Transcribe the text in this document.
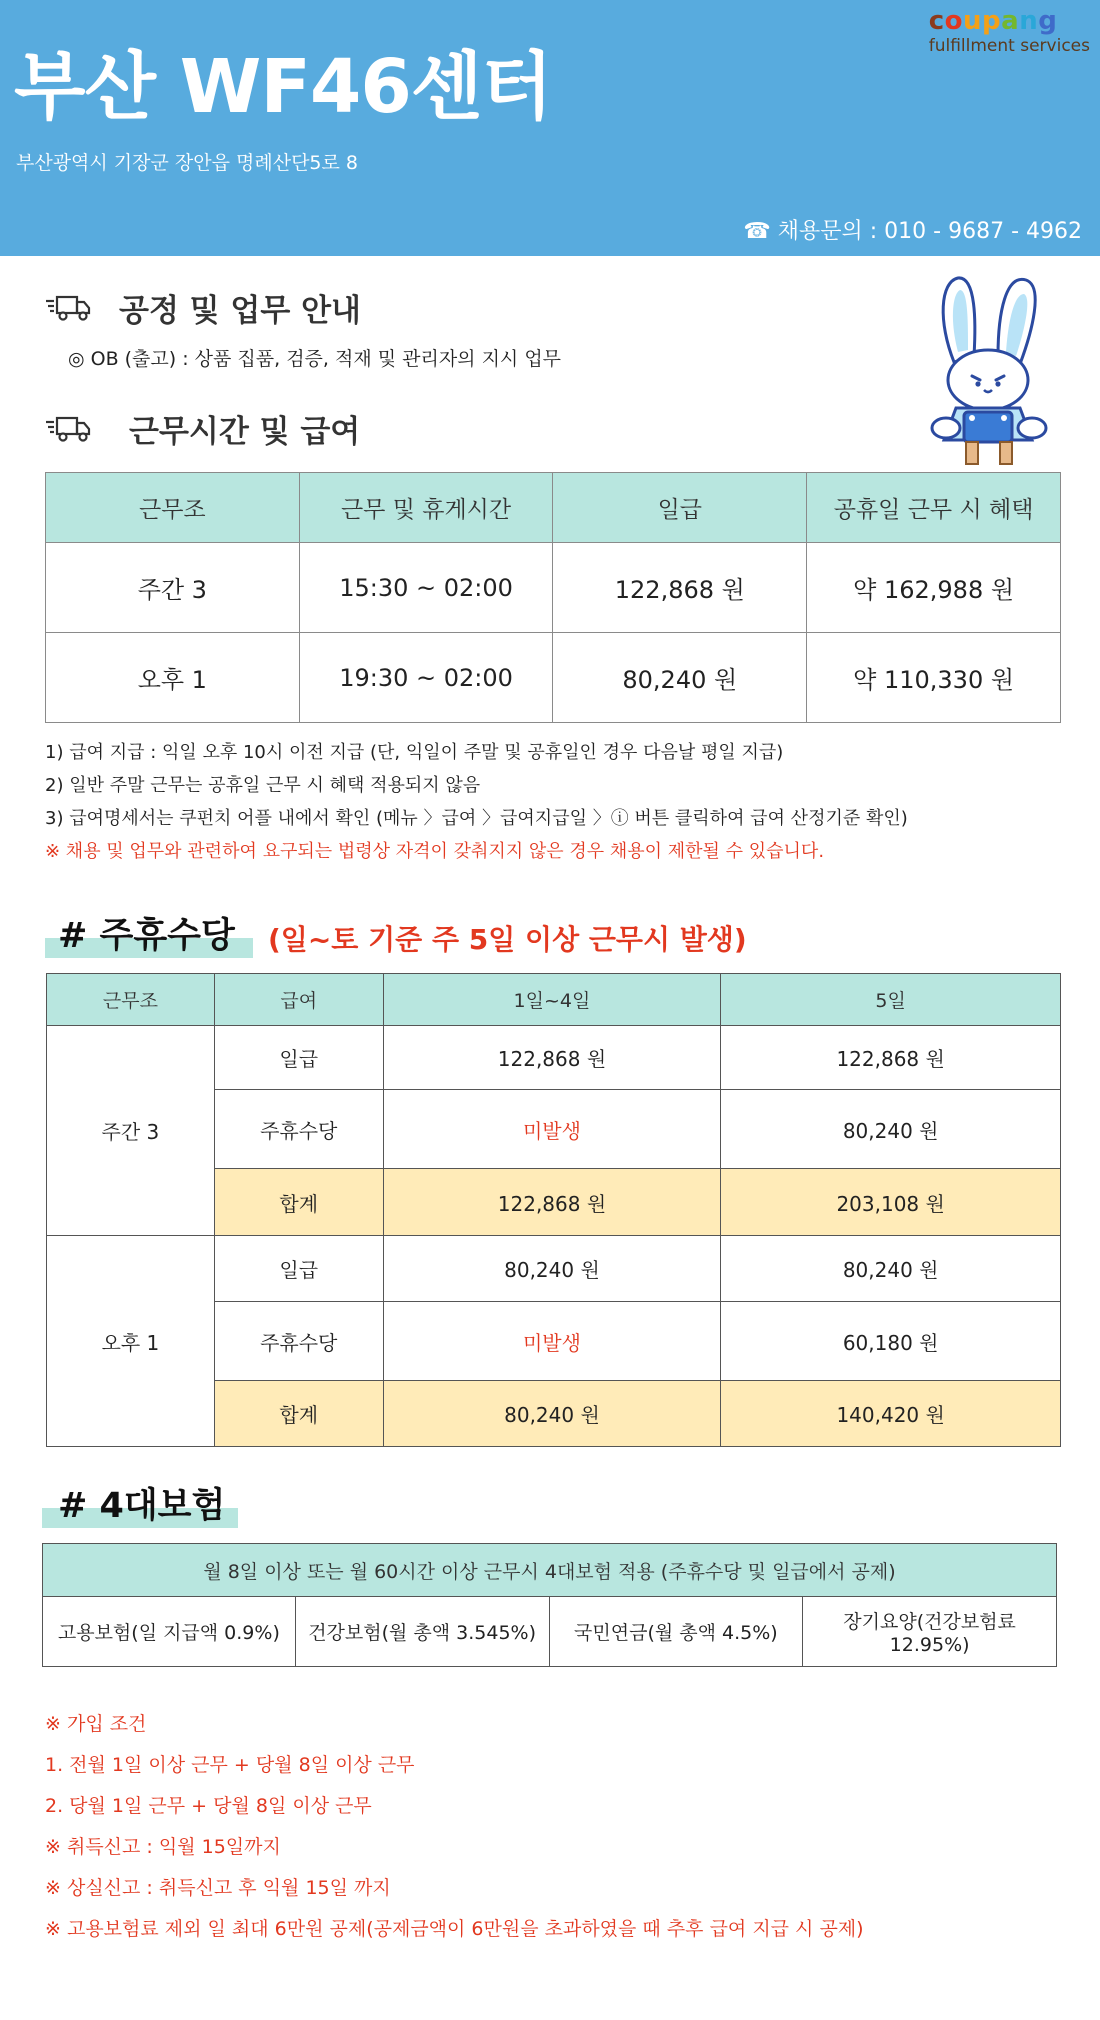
coupang
fulfillment services
부산 WF46센터
부산광역시 기장군 장안읍 명례산단5로 8
☎ 채용문의 : 010 - 9687 - 4962
공정 및 업무 안내
◎ OB (출고) : 상품 집품, 검증, 적재 및 관리자의 지시 업무
근무시간 및 급여
근무조	근무 및 휴게시간	일급	공휴일 근무 시 혜택
주간 3	15:30 ~ 02:00	122,868 원	약 162,988 원
오후 1	19:30 ~ 02:00	80,240 원	약 110,330 원
1) 급여 지급 : 익일 오후 10시 이전 지급 (단, 익일이 주말 및 공휴일인 경우 다음날 평일 지급)
2) 일반 주말 근무는 공휴일 근무 시 혜택 적용되지 않음
3) 급여명세서는 쿠펀치 어플 내에서 확인 (메뉴 〉급여 〉급여지급일 〉ⓘ 버튼 클릭하여 급여 산정기준 확인)
※ 채용 및 업무와 관련하여 요구되는 법령상 자격이 갖춰지지 않은 경우 채용이 제한될 수 있습니다.
# 주휴수당 (일~토 기준 주 5일 이상 근무시 발생)
근무조	급여	1일~4일	5일
주간 3	일급	122,868 원	122,868 원
	주휴수당	미발생	80,240 원
	합계	122,868 원	203,108 원
오후 1	일급	80,240 원	80,240 원
	주휴수당	미발생	60,180 원
	합계	80,240 원	140,420 원
# 4대보험
월 8일 이상 또는 월 60시간 이상 근무시 4대보험 적용 (주휴수당 및 일급에서 공제)
고용보험(일 지급액 0.9%)	건강보험(월 총액 3.545%)	국민연금(월 총액 4.5%)	장기요양(건강보험료 12.95%)
※ 가입 조건
1. 전월 1일 이상 근무 + 당월 8일 이상 근무
2. 당월 1일 근무 + 당월 8일 이상 근무
※ 취득신고 : 익월 15일까지
※ 상실신고 : 취득신고 후 익월 15일 까지
※ 고용보험료 제외 일 최대 6만원 공제(공제금액이 6만원을 초과하였을 때 추후 급여 지급 시 공제)
